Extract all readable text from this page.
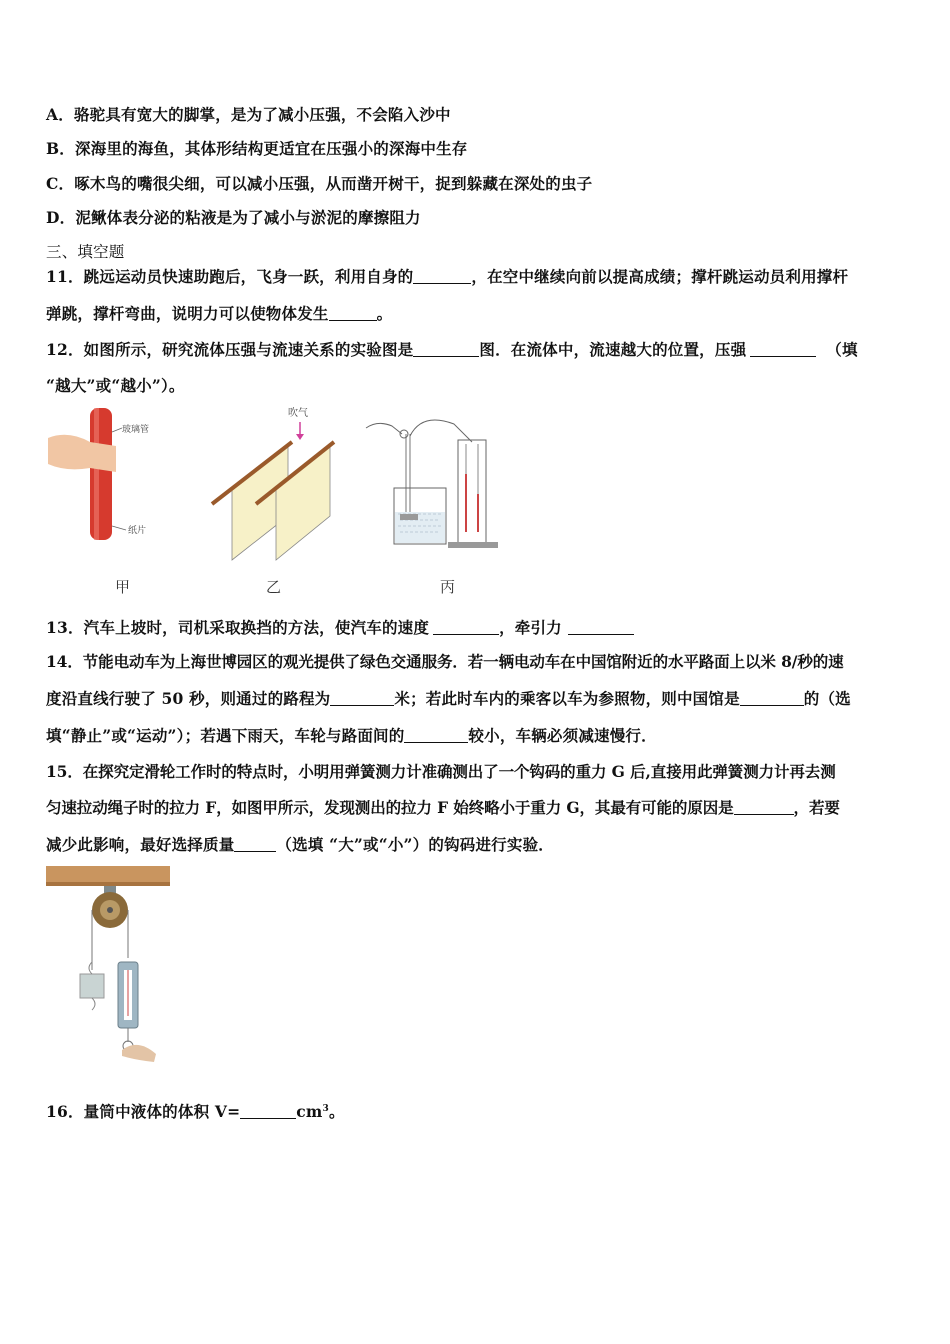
A．骆驼具有宽大的脚掌，是为了减小压强，不会陷入沙中
B．深海里的海鱼，其体形结构更适宜在压强小的深海中生存
C．啄木鸟的嘴很尖细，可以减小压强，从而凿开树干，捉到躲藏在深处的虫子
D．泥鳅体表分泌的粘液是为了减小与淤泥的摩擦阻力
三、填空题
11．跳远运动员快速助跑后，飞身一跃，利用自身的	，在空中继续向前以提高成绩；撑杆跳运动员利用撑杆
弹跳，撑杆弯曲，说明力可以使物体发生	。
12．如图所示，研究流体压强与流速关系的实验图是	图．在流体中，流速越大的位置，压强	（填
“越大”或“越小”）。
玻璃管
纸片
吹气
甲	乙	丙
13．汽车上坡时，司机采取换挡的方法，使汽车的速度	，牵引力
14．节能电动车为上海世博园区的观光提供了绿色交通服务．若一辆电动车在中国馆附近的水平路面上以米 8/秒的速
度沿直线行驶了 50 秒，则通过的路程为	米；若此时车内的乘客以车为参照物，则中国馆是	的（选
填“静止”或“运动”）；若遇下雨天，车轮与路面间的	较小，车辆必须减速慢行．
15．在探究定滑轮工作时的特点时，小明用弹簧测力计准确测出了一个钩码的重力 G 后,直接用此弹簧测力计再去测
匀速拉动绳子时的拉力 F，如图甲所示，发现测出的拉力 F 始终略小于重力 G，其最有可能的原因是	，若要
减少此影响，最好选择质量	（选填 “大”或“小”）的钩码进行实验．
16．量筒中液体的体积 V=	$cm^3$。
